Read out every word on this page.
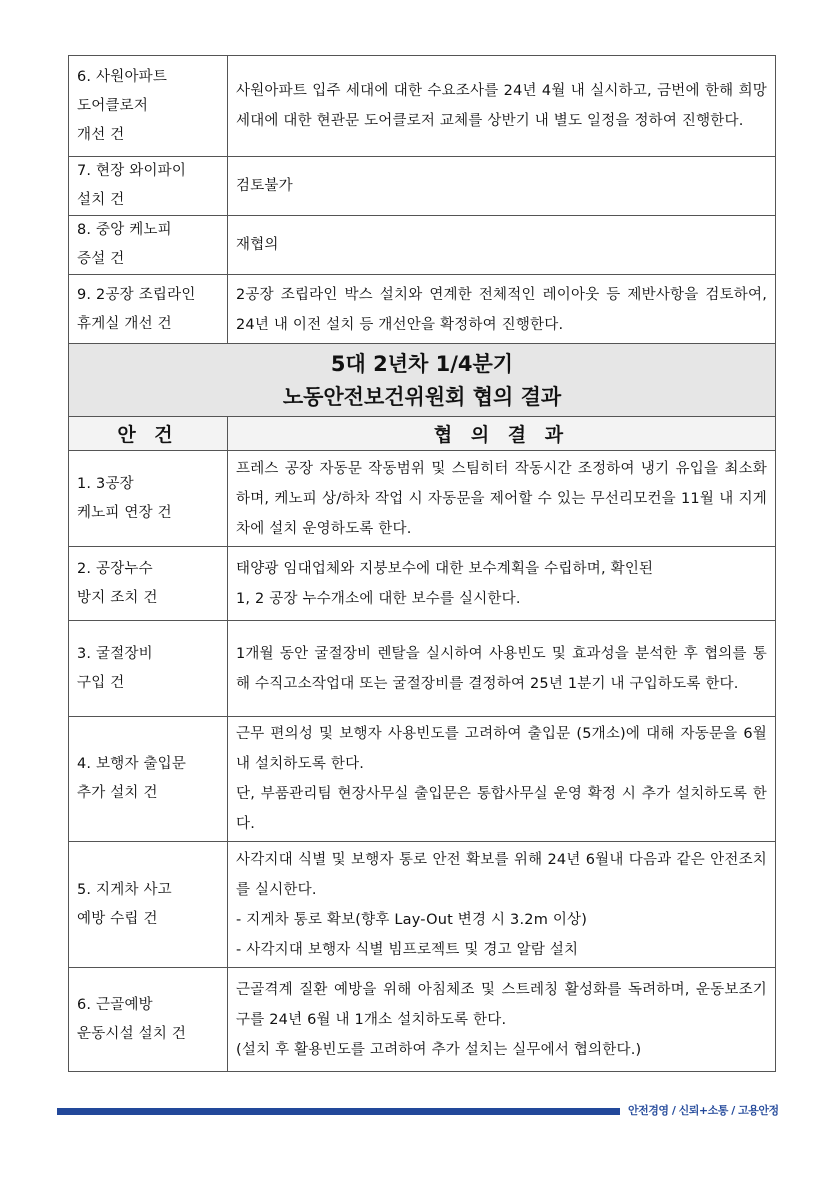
6. 사원아파트
도어클로저
개선 건	사원아파트 입주 세대에 대한 수요조사를 24년 4월 내 실시하고, 금번에 한해 희망 세대에 대한 현관문 도어클로저 교체를 상반기 내 별도 일정을 정하여 진행한다.
7. 현장 와이파이
설치 건	검토불가
8. 중앙 케노피
증설 건	재협의
9. 2공장 조립라인
휴게실 개선 건	2공장 조립라인 박스 설치와 연계한 전체적인 레이아웃 등 제반사항을 검토하여, 24년 내 이전 설치 등 개선안을 확정하여 진행한다.
5대 2년차 1/4분기
노동안전보건위원회 협의 결과	
안 건	협 의 결 과
1. 3공장
케노피 연장 건	프레스 공장 자동문 작동범위 및 스팀히터 작동시간 조정하여 냉기 유입을 최소화하며, 케노피 상/하차 작업 시 자동문을 제어할 수 있는 무선리모컨을 11월 내 지게차에 설치 운영하도록 한다.
2. 공장누수
방지 조치 건	태양광 임대업체와 지붕보수에 대한 보수계획을 수립하며, 확인된
1, 2 공장 누수개소에 대한 보수를 실시한다.
3. 굴절장비
구입 건	1개월 동안 굴절장비 렌탈을 실시하여 사용빈도 및 효과성을 분석한 후 협의를 통해 수직고소작업대 또는 굴절장비를 결정하여 25년 1분기 내 구입하도록 한다.
4. 보행자 출입문
추가 설치 건	근무 편의성 및 보행자 사용빈도를 고려하여 출입문 (5개소)에 대해 자동문을 6월 내 설치하도록 한다.
단, 부품관리팀 현장사무실 출입문은 통합사무실 운영 확정 시 추가 설치하도록 한다.
5. 지게차 사고
예방 수립 건	사각지대 식별 및 보행자 통로 안전 확보를 위해 24년 6월내 다음과 같은 안전조치를 실시한다.
- 지게차 통로 확보(향후 Lay-Out 변경 시 3.2m 이상)
- 사각지대 보행자 식별 빔프로젝트 및 경고 알람 설치
6. 근골예방
운동시설 설치 건	근골격계 질환 예방을 위해 아침체조 및 스트레칭 활성화를 독려하며, 운동보조기구를 24년 6월 내 1개소 설치하도록 한다.
(설치 후 활용빈도를 고려하여 추가 설치는 실무에서 협의한다.)
안전경영 / 신뢰+소통 / 고용안정
